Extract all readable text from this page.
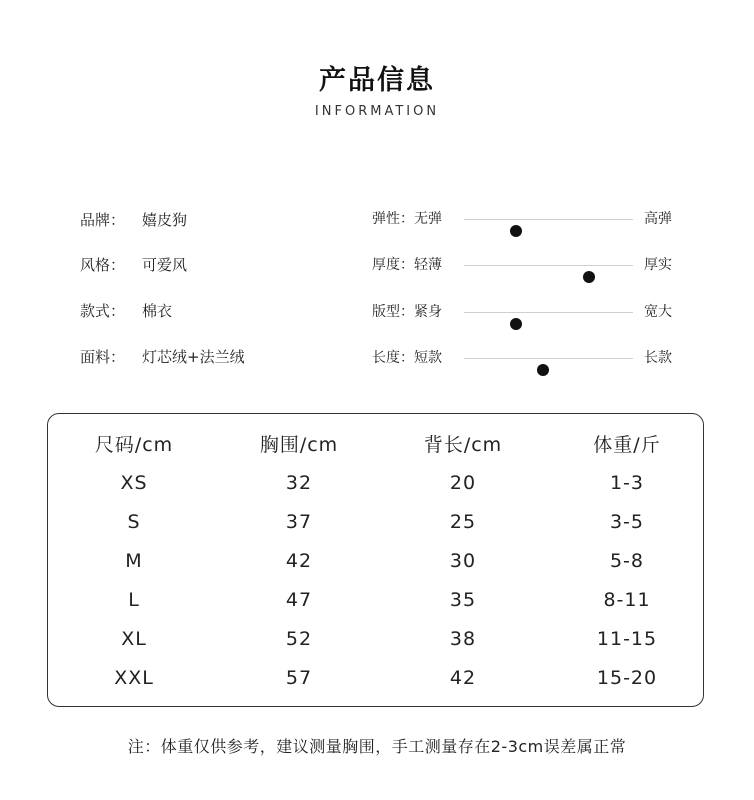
产品信息
INFORMATION
品牌： 嬉皮狗
风格： 可爱风
款式： 棉衣
面料： 灯芯绒+法兰绒
弹性：无弹	高弹
厚度：轻薄	厚实
版型：紧身	宽大
长度：短款	长款
尺码/cm	胸围/cm	背长/cm	体重/斤
XS	32	20	1-3
S	37	25	3-5
M	42	30	5-8
L	47	35	8-11
XL	52	38	11-15
XXL	57	42	15-20
注：体重仅供参考，建议测量胸围，手工测量存在2-3cm误差属正常
